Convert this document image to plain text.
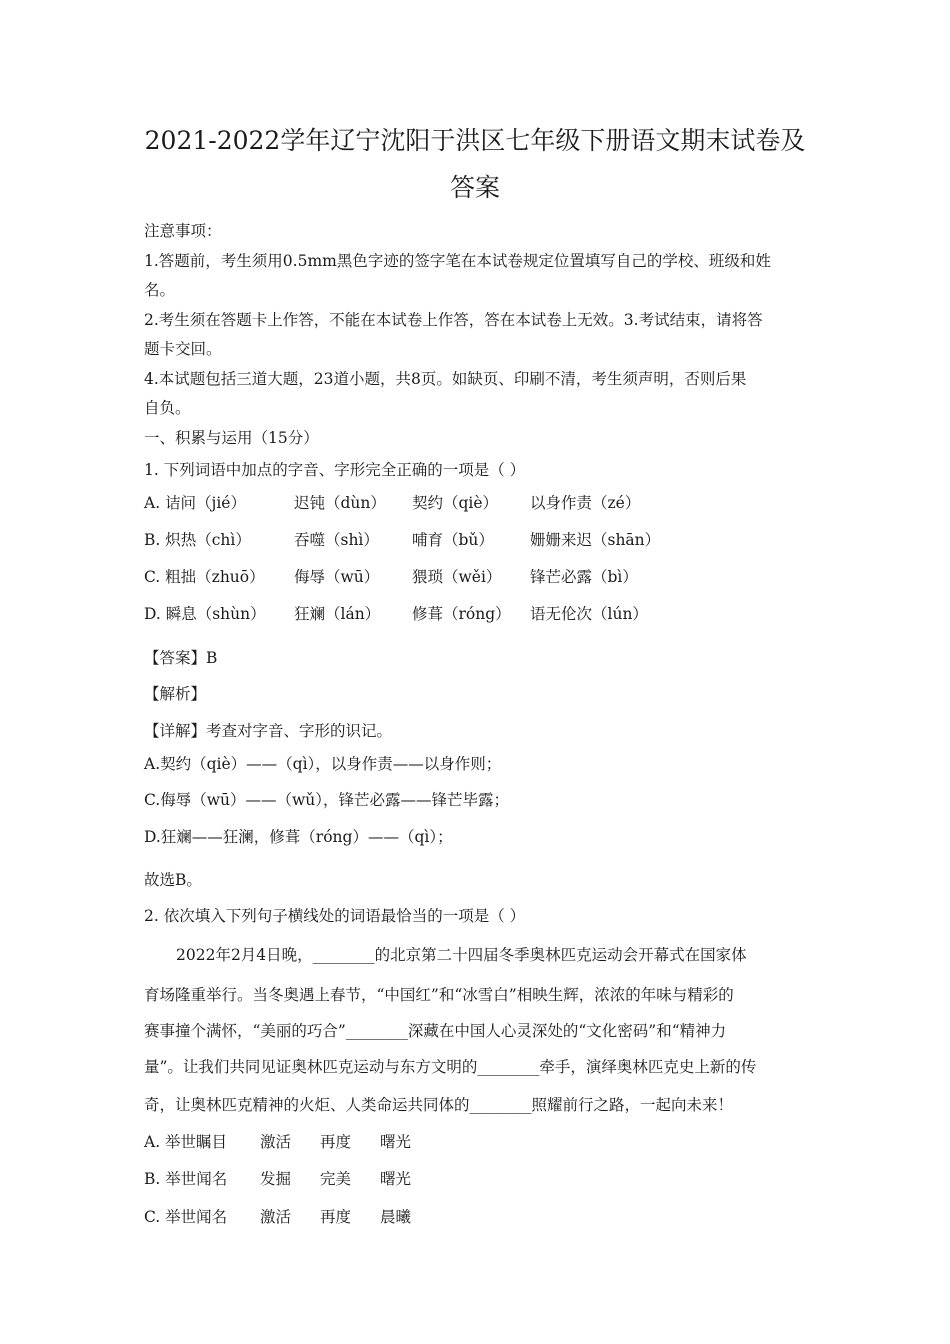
2021-2022学年辽宁沈阳于洪区七年级下册语文期末试卷及
答案
注意事项：
1.答题前，考生须用0.5mm黑色字迹的签字笔在本试卷规定位置填写自己的学校、班级和姓
名。
2.考生须在答题卡上作答，不能在本试卷上作答，答在本试卷上无效。3.考试结束，请将答
题卡交回。
4.本试题包括三道大题，23道小题，共8页。如缺页、印刷不清，考生须声明，否则后果
自负。
一、积累与运用（15分）
1. 下列词语中加点的字音、字形完全正确的一项是（ ）
A. 诘问（jié）	迟钝（dùn） 契约（qiè） 以身作责（zé）
B. 炽热（chì）	吞噬（shì） 哺育（bǔ） 姗姗来迟（shān）
C. 粗拙（zhuō） 侮辱（wū） 猥琐（wěi） 锋芒必露（bì）
D. 瞬息（shùn） 狂斓（lán） 修葺（róng） 语无伦次（lún）
【答案】B
【解析】
【详解】考查对字音、字形的识记。
A.契约（qiè）——（qì），以身作责——以身作则；
C.侮辱（wū）——（wǔ），锋芒必露——锋芒毕露；
D.狂斓——狂澜，修葺（róng）——（qì）；
故选B。
2. 依次填入下列句子横线处的词语最恰当的一项是（ ）
2022年2月4日晚，________的北京第二十四届冬季奥林匹克运动会开幕式在国家体
育场隆重举行。当冬奥遇上春节，“中国红”和“冰雪白”相映生辉，浓浓的年味与精彩的
赛事撞个满怀，“美丽的巧合”________深藏在中国人心灵深处的“文化密码”和“精神力
量”。让我们共同见证奥林匹克运动与东方文明的________牵手，演绎奥林匹克史上新的传
奇，让奥林匹克精神的火炬、人类命运共同体的________照耀前行之路，一起向未来！
A. 举世瞩目 激活 再度 曙光
B. 举世闻名 发掘 完美 曙光
C. 举世闻名 激活 再度 晨曦
